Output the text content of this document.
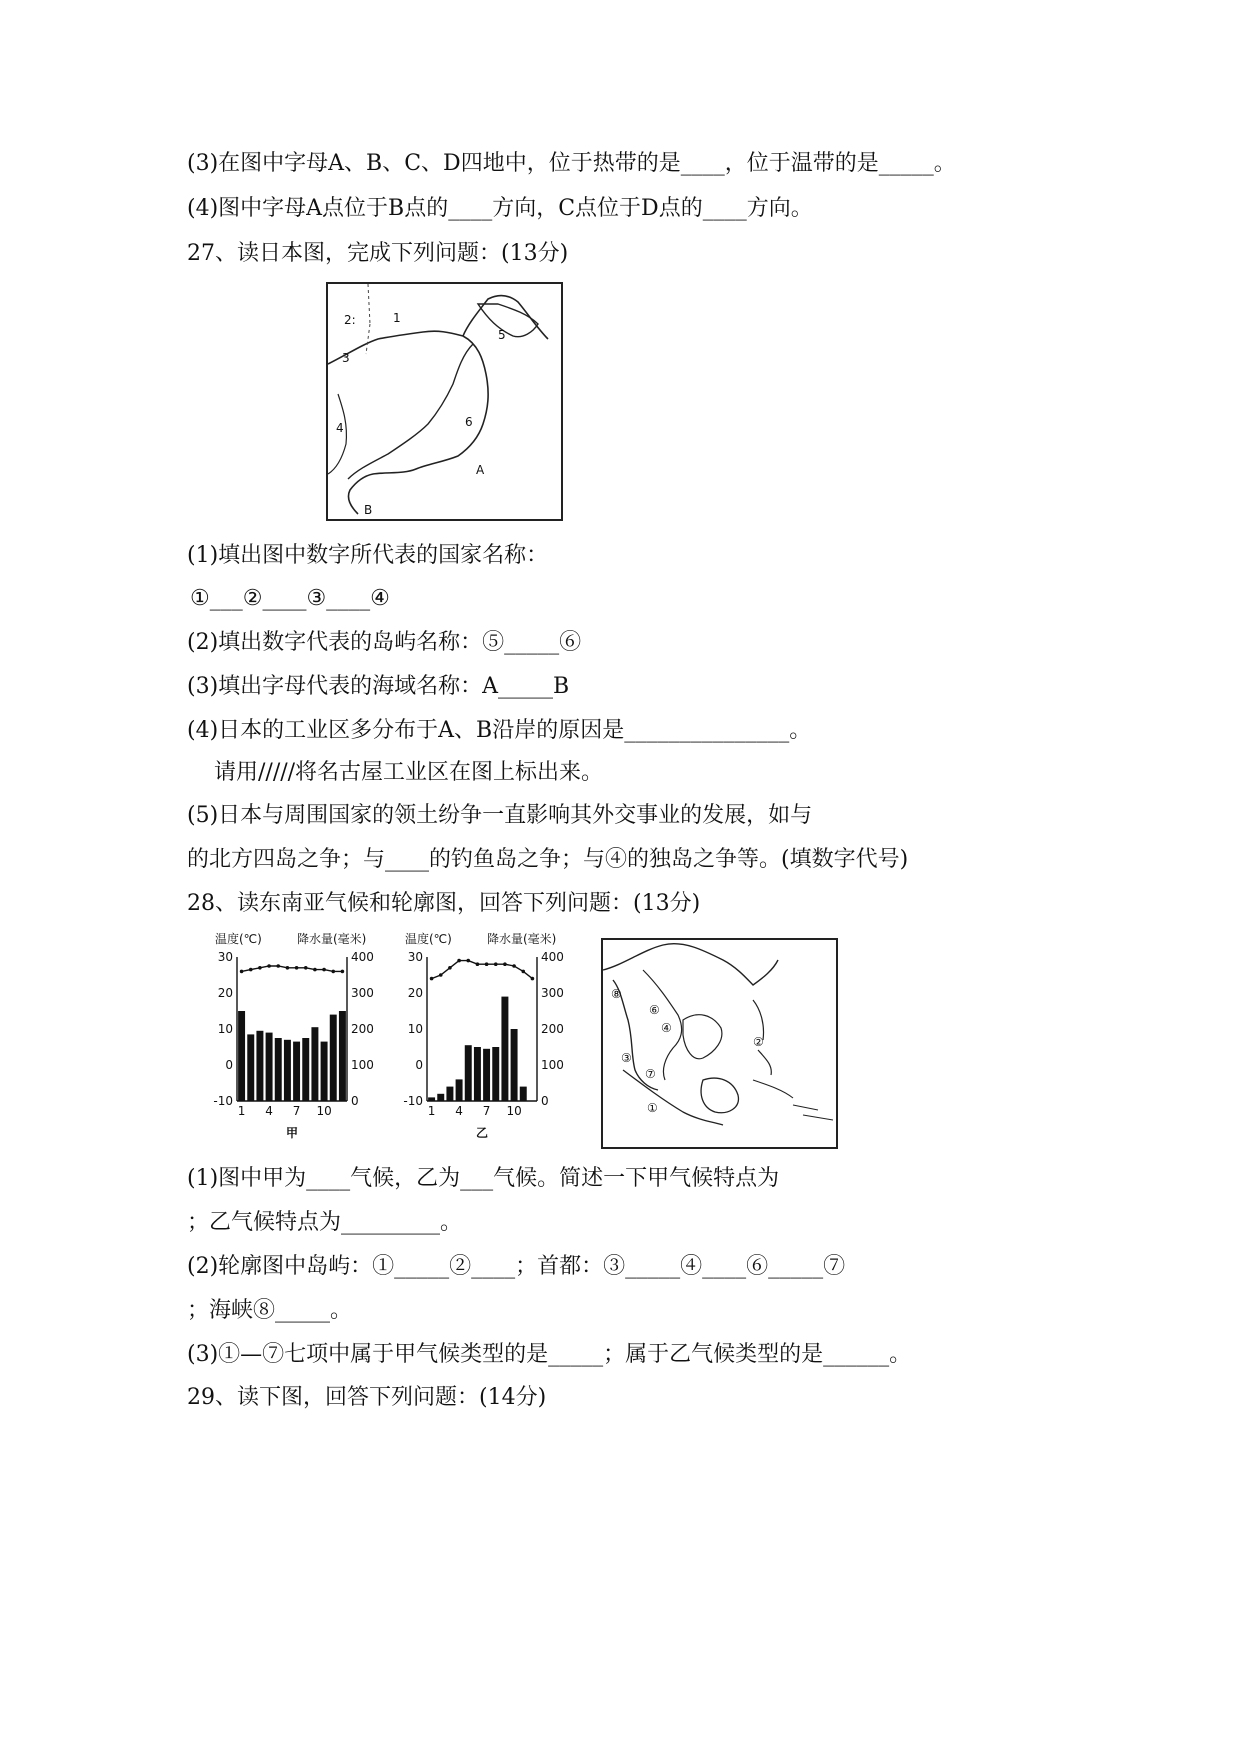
(3)在图中字母A、B、C、D四地中，位于热带的是____，位于温带的是_____。
(4)图中字母A点位于B点的____方向，C点位于D点的____方向。
27、读日本图，完成下列问题：(13分)
1
2:
3
4
5
6
A
B
(1)填出图中数字所代表的国家名称：
①___②____③____④
(2)填出数字代表的岛屿名称：⑤_____⑥
(3)填出字母代表的海域名称：A_____B
(4)日本的工业区多分布于A、B沿岸的原因是_______________。
请用/////将名古屋工业区在图上标出来。
(5)日本与周围国家的领土纷争一直影响其外交事业的发展，如与
的北方四岛之争；与____的钓鱼岛之争；与④的独岛之争等。(填数字代号)
28、读东南亚气候和轮廓图，回答下列问题：(13分)
温度(℃)	降水量(毫米)
30
20
10
0
-10
400
300
200
100
0
1 4 7 10
甲
温度(℃)	降水量(毫米)
30
20
10
0
-10
400
300
200
100
0
1 4 7 10
乙
⑧
⑥
④
③
⑦
②
①
(1)图中甲为____气候，乙为___气候。简述一下甲气候特点为
；乙气候特点为_________。
(2)轮廓图中岛屿：①_____②____；首都：③_____④____⑥_____⑦
；海峡⑧_____。
(3)①—⑦七项中属于甲气候类型的是_____；属于乙气候类型的是______。
29、读下图，回答下列问题：(14分)
